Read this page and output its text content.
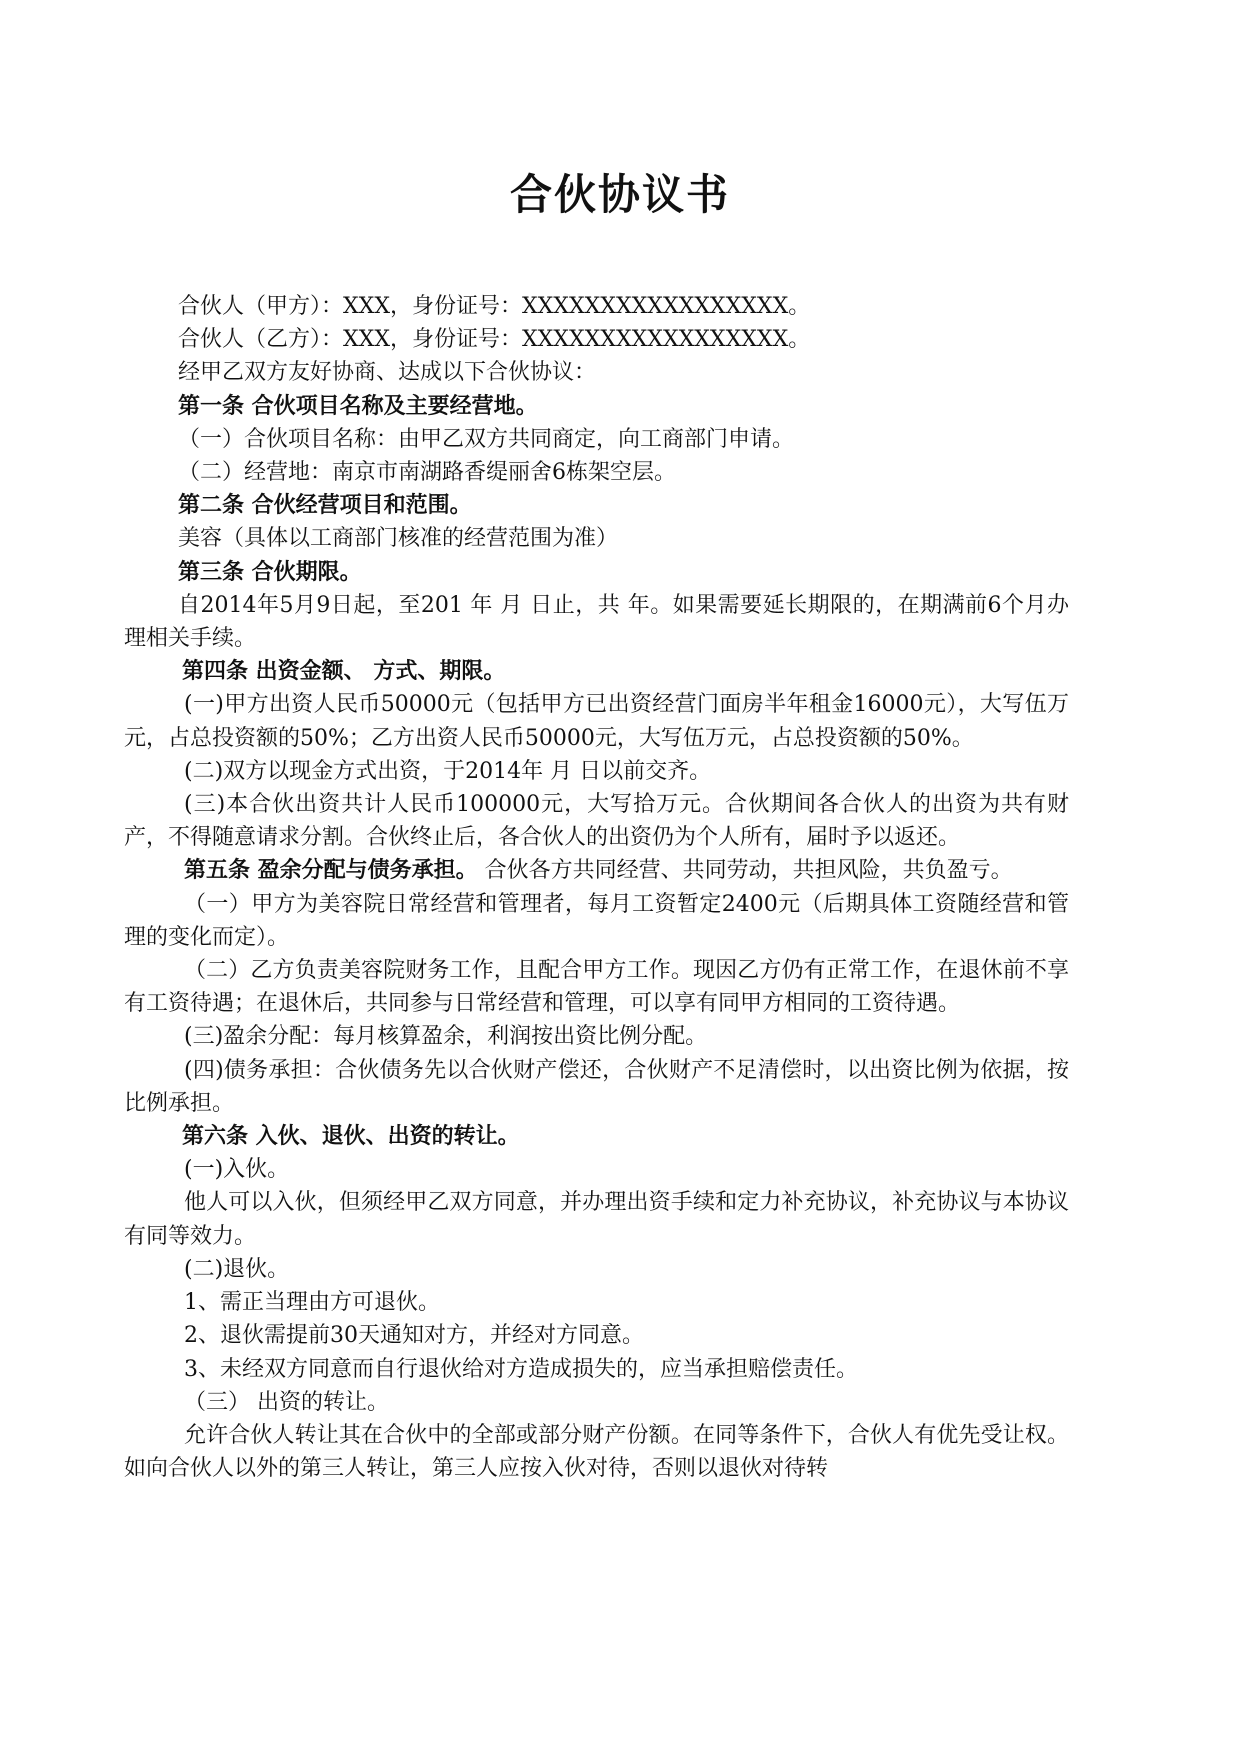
合伙协议书

合伙人（甲方）：XXX，身份证号：XXXXXXXXXXXXXXXXX。

合伙人（乙方）：XXX，身份证号：XXXXXXXXXXXXXXXXX。

经甲乙双方友好协商、达成以下合伙协议：

第一条 合伙项目名称及主要经营地。

（一）合伙项目名称：由甲乙双方共同商定，向工商部门申请。

（二）经营地：南京市南湖路香缇丽舍6栋架空层。

第二条 合伙经营项目和范围。

美容（具体以工商部门核准的经营范围为准）

第三条 合伙期限。

自2014年5月9日起，至201 年 月 日止，共 年。如果需要延长期限的，在期满前6个月办理相关手续。

第四条 出资金额、 方式、期限。

(一)甲方出资人民币50000元（包括甲方已出资经营门面房半年租金16000元），大写伍万元，占总投资额的50%；乙方出资人民币50000元，大写伍万元，占总投资额的50%。

(二)双方以现金方式出资，于2014年 月 日以前交齐。

(三)本合伙出资共计人民币100000元，大写拾万元。合伙期间各合伙人的出资为共有财产，不得随意请求分割。合伙终止后，各合伙人的出资仍为个人所有，届时予以返还。

第五条 盈余分配与债务承担。 合伙各方共同经营、共同劳动，共担风险，共负盈亏。

（一）甲方为美容院日常经营和管理者，每月工资暂定2400元（后期具体工资随经营和管理的变化而定）。

（二）乙方负责美容院财务工作，且配合甲方工作。现因乙方仍有正常工作，在退休前不享有工资待遇；在退休后，共同参与日常经营和管理，可以享有同甲方相同的工资待遇。

(三)盈余分配：每月核算盈余，利润按出资比例分配。

(四)债务承担：合伙债务先以合伙财产偿还，合伙财产不足清偿时，以出资比例为依据，按比例承担。

第六条 入伙、退伙、出资的转让。

(一)入伙。

他人可以入伙，但须经甲乙双方同意，并办理出资手续和定力补充协议，补充协议与本协议有同等效力。

(二)退伙。

1、需正当理由方可退伙。

2、退伙需提前30天通知对方，并经对方同意。

3、未经双方同意而自行退伙给对方造成损失的，应当承担赔偿责任。

（三） 出资的转让。

允许合伙人转让其在合伙中的全部或部分财产份额。在同等条件下，合伙人有优先受让权。如向合伙人以外的第三人转让，第三人应按入伙对待，否则以退伙对待转
